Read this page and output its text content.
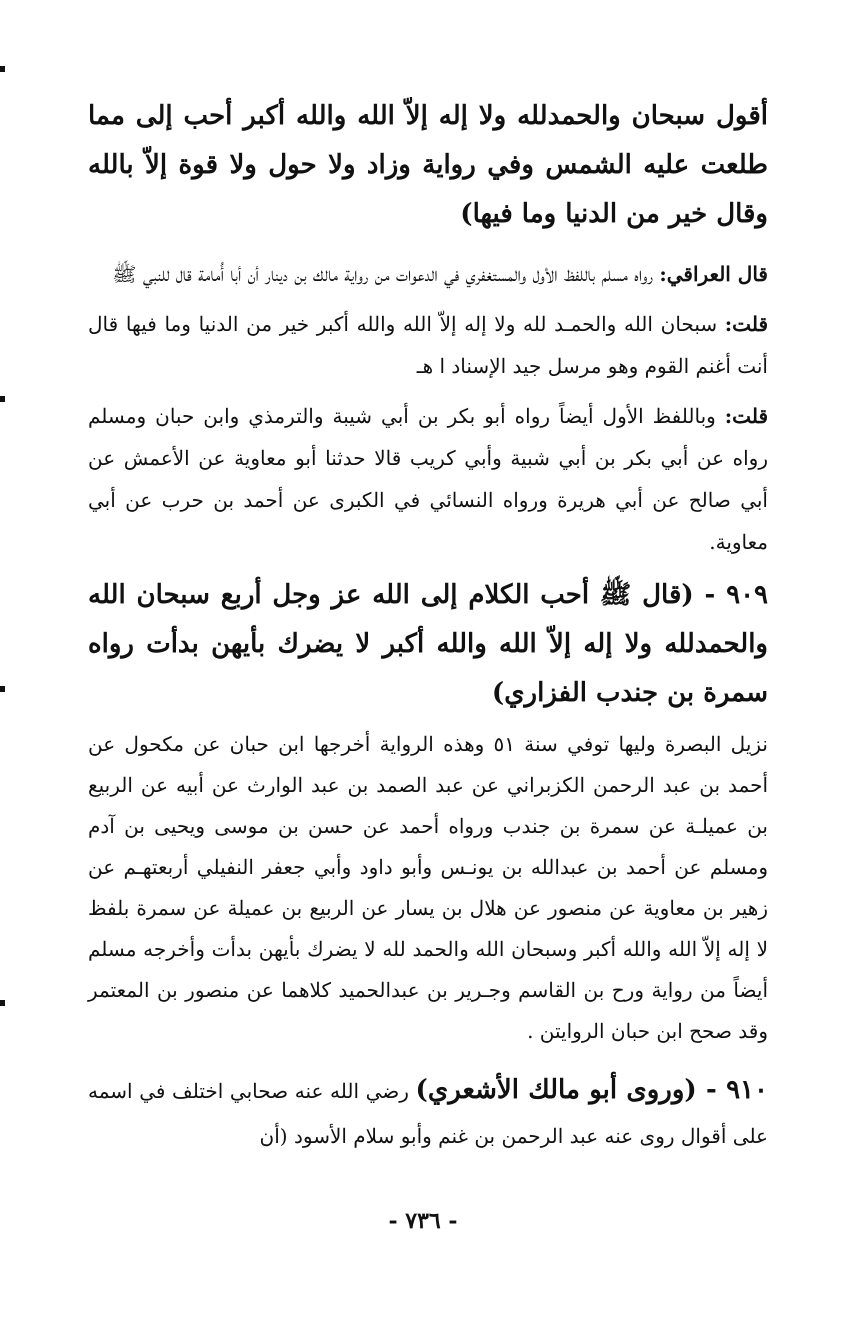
أقول سبحان والحمدلله ولا إله إلاّ الله والله أكبر أحب إلى مما طلعت عليه الشمس وفي رواية وزاد ولا حول ولا قوة إلاّ بالله وقال خير من الدنيا وما فيها)

قال العراقي: رواه مسلم باللفظ الأول والمستغفري في الدعوات من رواية مالك بن دينار أن أبا أُمامة قال للنبي ﷺ

قلت: سبحان الله والحمـد لله ولا إله إلاّ الله والله أكبر خير من الدنيا وما فيها قال أنت أغنم القوم وهو مرسل جيد الإسناد ا هـ

قلت: وباللفظ الأول أيضاً رواه أبو بكر بن أبي شيبة والترمذي وابن حبان ومسلم رواه عن أبي بكر بن أبي شبية وأبي كريب قالا حدثنا أبو معاوية عن الأعمش عن أبي صالح عن أبي هريرة ورواه النسائي في الكبرى عن أحمد بن حرب عن أبي معاوية.

٩٠٩ - (قال ﷺ أحب الكلام إلى الله عز وجل أربع سبحان الله والحمدلله ولا إله إلاّ الله والله أكبر لا يضرك بأيهن بدأت رواه سمرة بن جندب الفزاري)

نزيل البصرة وليها توفي سنة ٥١ وهذه الرواية أخرجها ابن حبان عن مكحول عن أحمد بن عبد الرحمن الكزبراني عن عبد الصمد بن عبد الوارث عن أبيه عن الربيع بن عميلـة عن سمرة بن جندب ورواه أحمد عن حسن بن موسى ويحيى بن آدم ومسلم عن أحمد بن عبدالله بن يونـس وأبو داود وأبي جعفر النفيلي أربعتهـم عن زهير بن معاوية عن منصور عن هلال بن يسار عن الربيع بن عميلة عن سمرة بلفظ لا إله إلاّ الله والله أكبر وسبحان الله والحمد لله لا يضرك بأيهن بدأت وأخرجه مسلم أيضاً من رواية ورح بن القاسم وجـرير بن عبدالحميد كلاهما عن منصور بن المعتمر وقد صحح ابن حبان الروايتن .

٩١٠ - (وروى أبو مالك الأشعري) رضي الله عنه صحابي اختلف في اسمه على أقوال روى عنه عبد الرحمن بن غنم وأبو سلام الأسود (أن

- ٧٣٦ -
